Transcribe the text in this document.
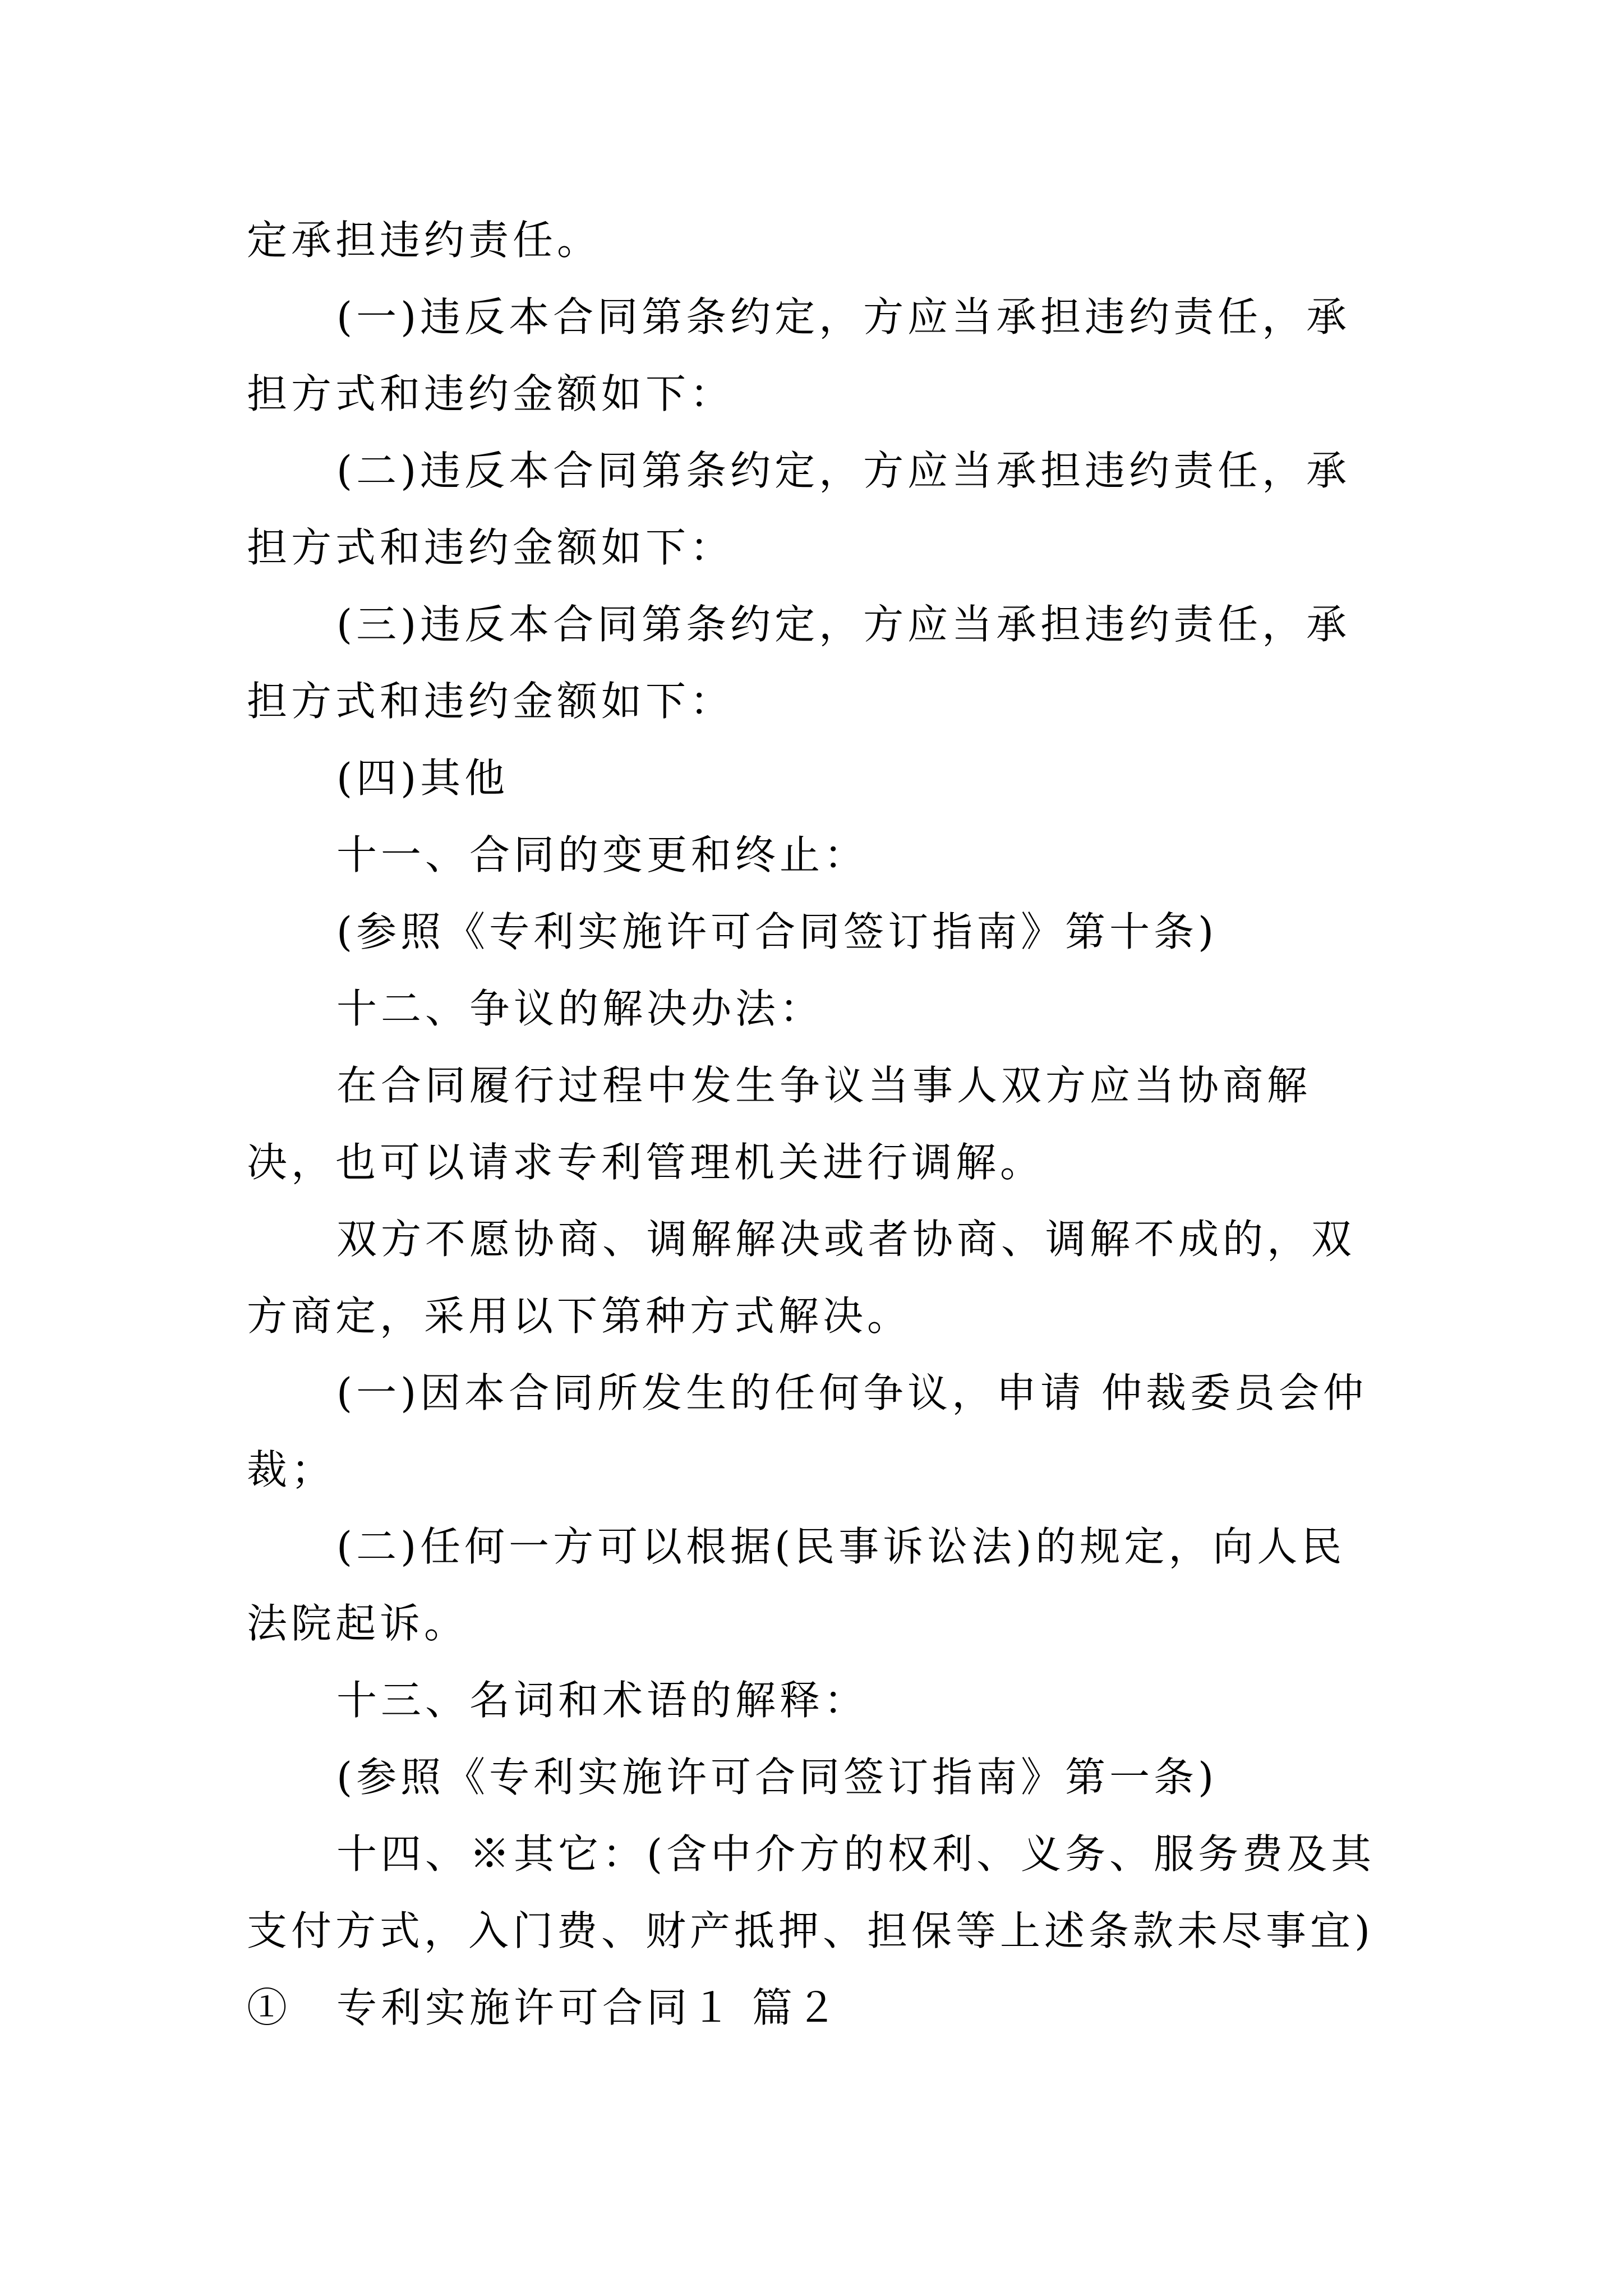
定承担违约责任。

(一)违反本合同第条约定，方应当承担违约责任，承担方式和违约金额如下：

(二)违反本合同第条约定，方应当承担违约责任，承担方式和违约金额如下：

(三)违反本合同第条约定，方应当承担违约责任，承担方式和违约金额如下：

(四)其他

十一、合同的变更和终止：

(参照《专利实施许可合同签订指南》第十条)

十二、争议的解决办法：

在合同履行过程中发生争议当事人双方应当协商解决，也可以请求专利管理机关进行调解。

双方不愿协商、调解解决或者协商、调解不成的，双方商定，采用以下第种方式解决。

(一)因本合同所发生的任何争议，申请 仲裁委员会仲裁；

(二)任何一方可以根据(民事诉讼法)的规定，向人民法院起诉。

十三、名词和术语的解释：

(参照《专利实施许可合同签订指南》第一条)

十四、※其它：(含中介方的权利、义务、服务费及其支付方式，入门费、财产抵押、担保等上述条款未尽事宜)①	专利实施许可合同１ 篇２
